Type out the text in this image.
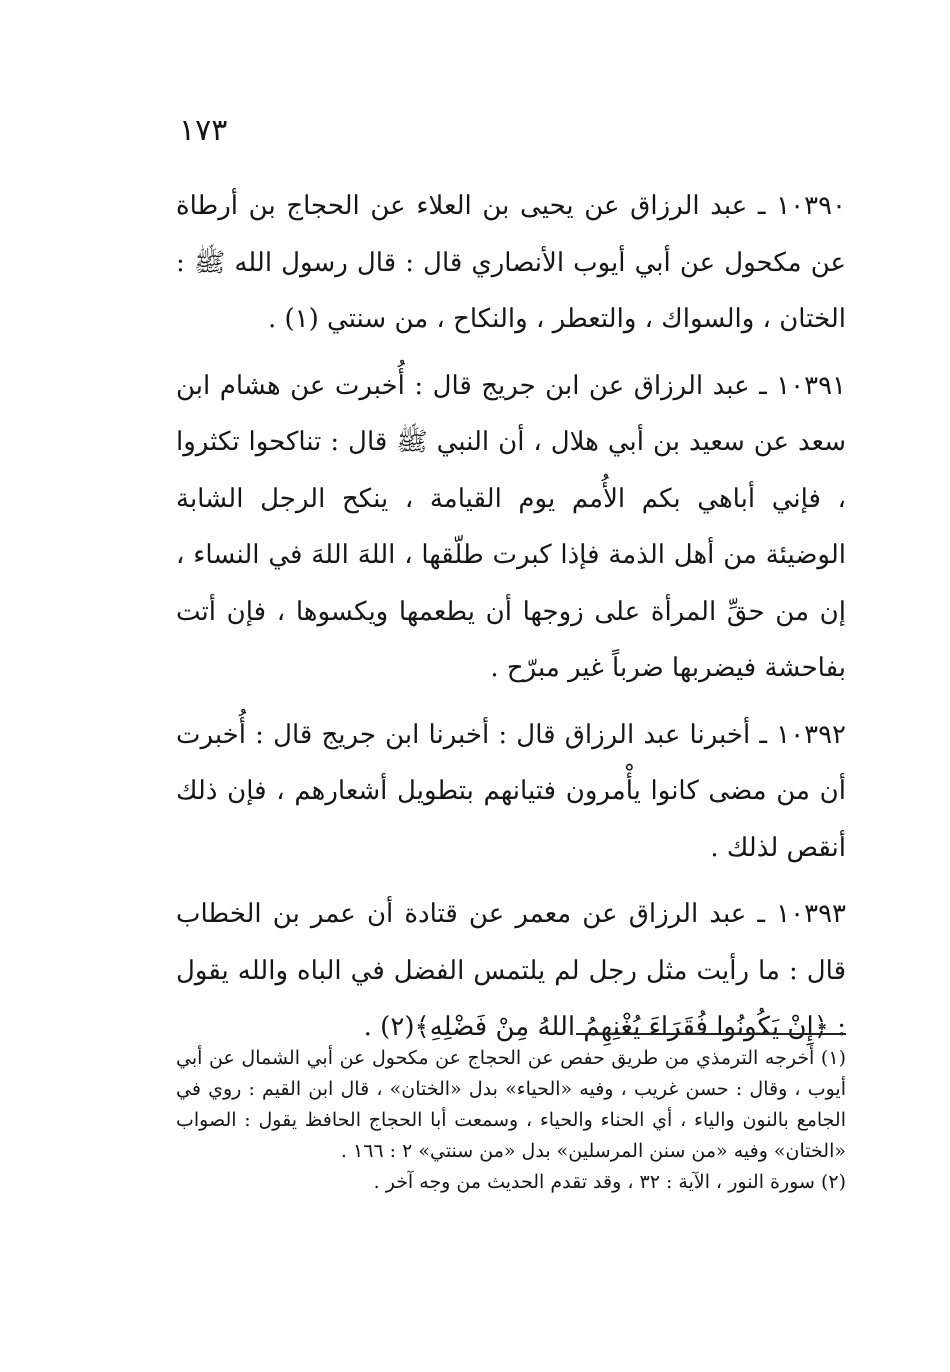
١٧٣

١٠٣٩٠ ـ عبد الرزاق عن يحيى بن العلاء عن الحجاج بن أرطاة عن مكحول عن أبي أيوب الأنصاري قال : قال رسول الله ﷺ : الختان ، والسواك ، والتعطر ، والنكاح ، من سنتي (١) .

١٠٣٩١ ـ عبد الرزاق عن ابن جريج قال : أُخبرت عن هشام ابن سعد عن سعيد بن أبي هلال ، أن النبي ﷺ قال : تناكحوا تكثروا ، فإني أباهي بكم الأُمم يوم القيامة ، ينكح الرجل الشابة الوضيئة من أهل الذمة فإذا كبرت طلّقها ، اللهَ اللهَ في النساء ، إن من حقِّ المرأة على زوجها أن يطعمها ويكسوها ، فإن أتت بفاحشة فيضربها ضرباً غير مبرّح .

١٠٣٩٢ ـ أخبرنا عبد الرزاق قال : أخبرنا ابن جريج قال : أُخبرت أن من مضى كانوا يأْمرون فتيانهم بتطويل أشعارهم ، فإن ذلك أنقص لذلك .

١٠٣٩٣ ـ عبد الرزاق عن معمر عن قتادة أن عمر بن الخطاب قال : ما رأيت مثل رجل لم يلتمس الفضل في الباه والله يقول : ﴿إِنْ يَكُونُوا فُقَرَاءَ يُغْنِهِمُ اللهُ مِنْ فَضْلِهِ﴾(٢) .

(١) أخرجه الترمذي من طريق حفص عن الحجاج عن مكحول عن أبي الشمال عن أبي أيوب ، وقال : حسن غريب ، وفيه «الحياء» بدل «الختان» ، قال ابن القيم : روي في الجامع بالنون والياء ، أي الحناء والحياء ، وسمعت أبا الحجاج الحافظ يقول : الصواب «الختان» وفيه «من سنن المرسلين» بدل «من سنتي» ٢ : ١٦٦ .

(٢) سورة النور ، الآية : ٣٢ ، وقد تقدم الحديث من وجه آخر .
